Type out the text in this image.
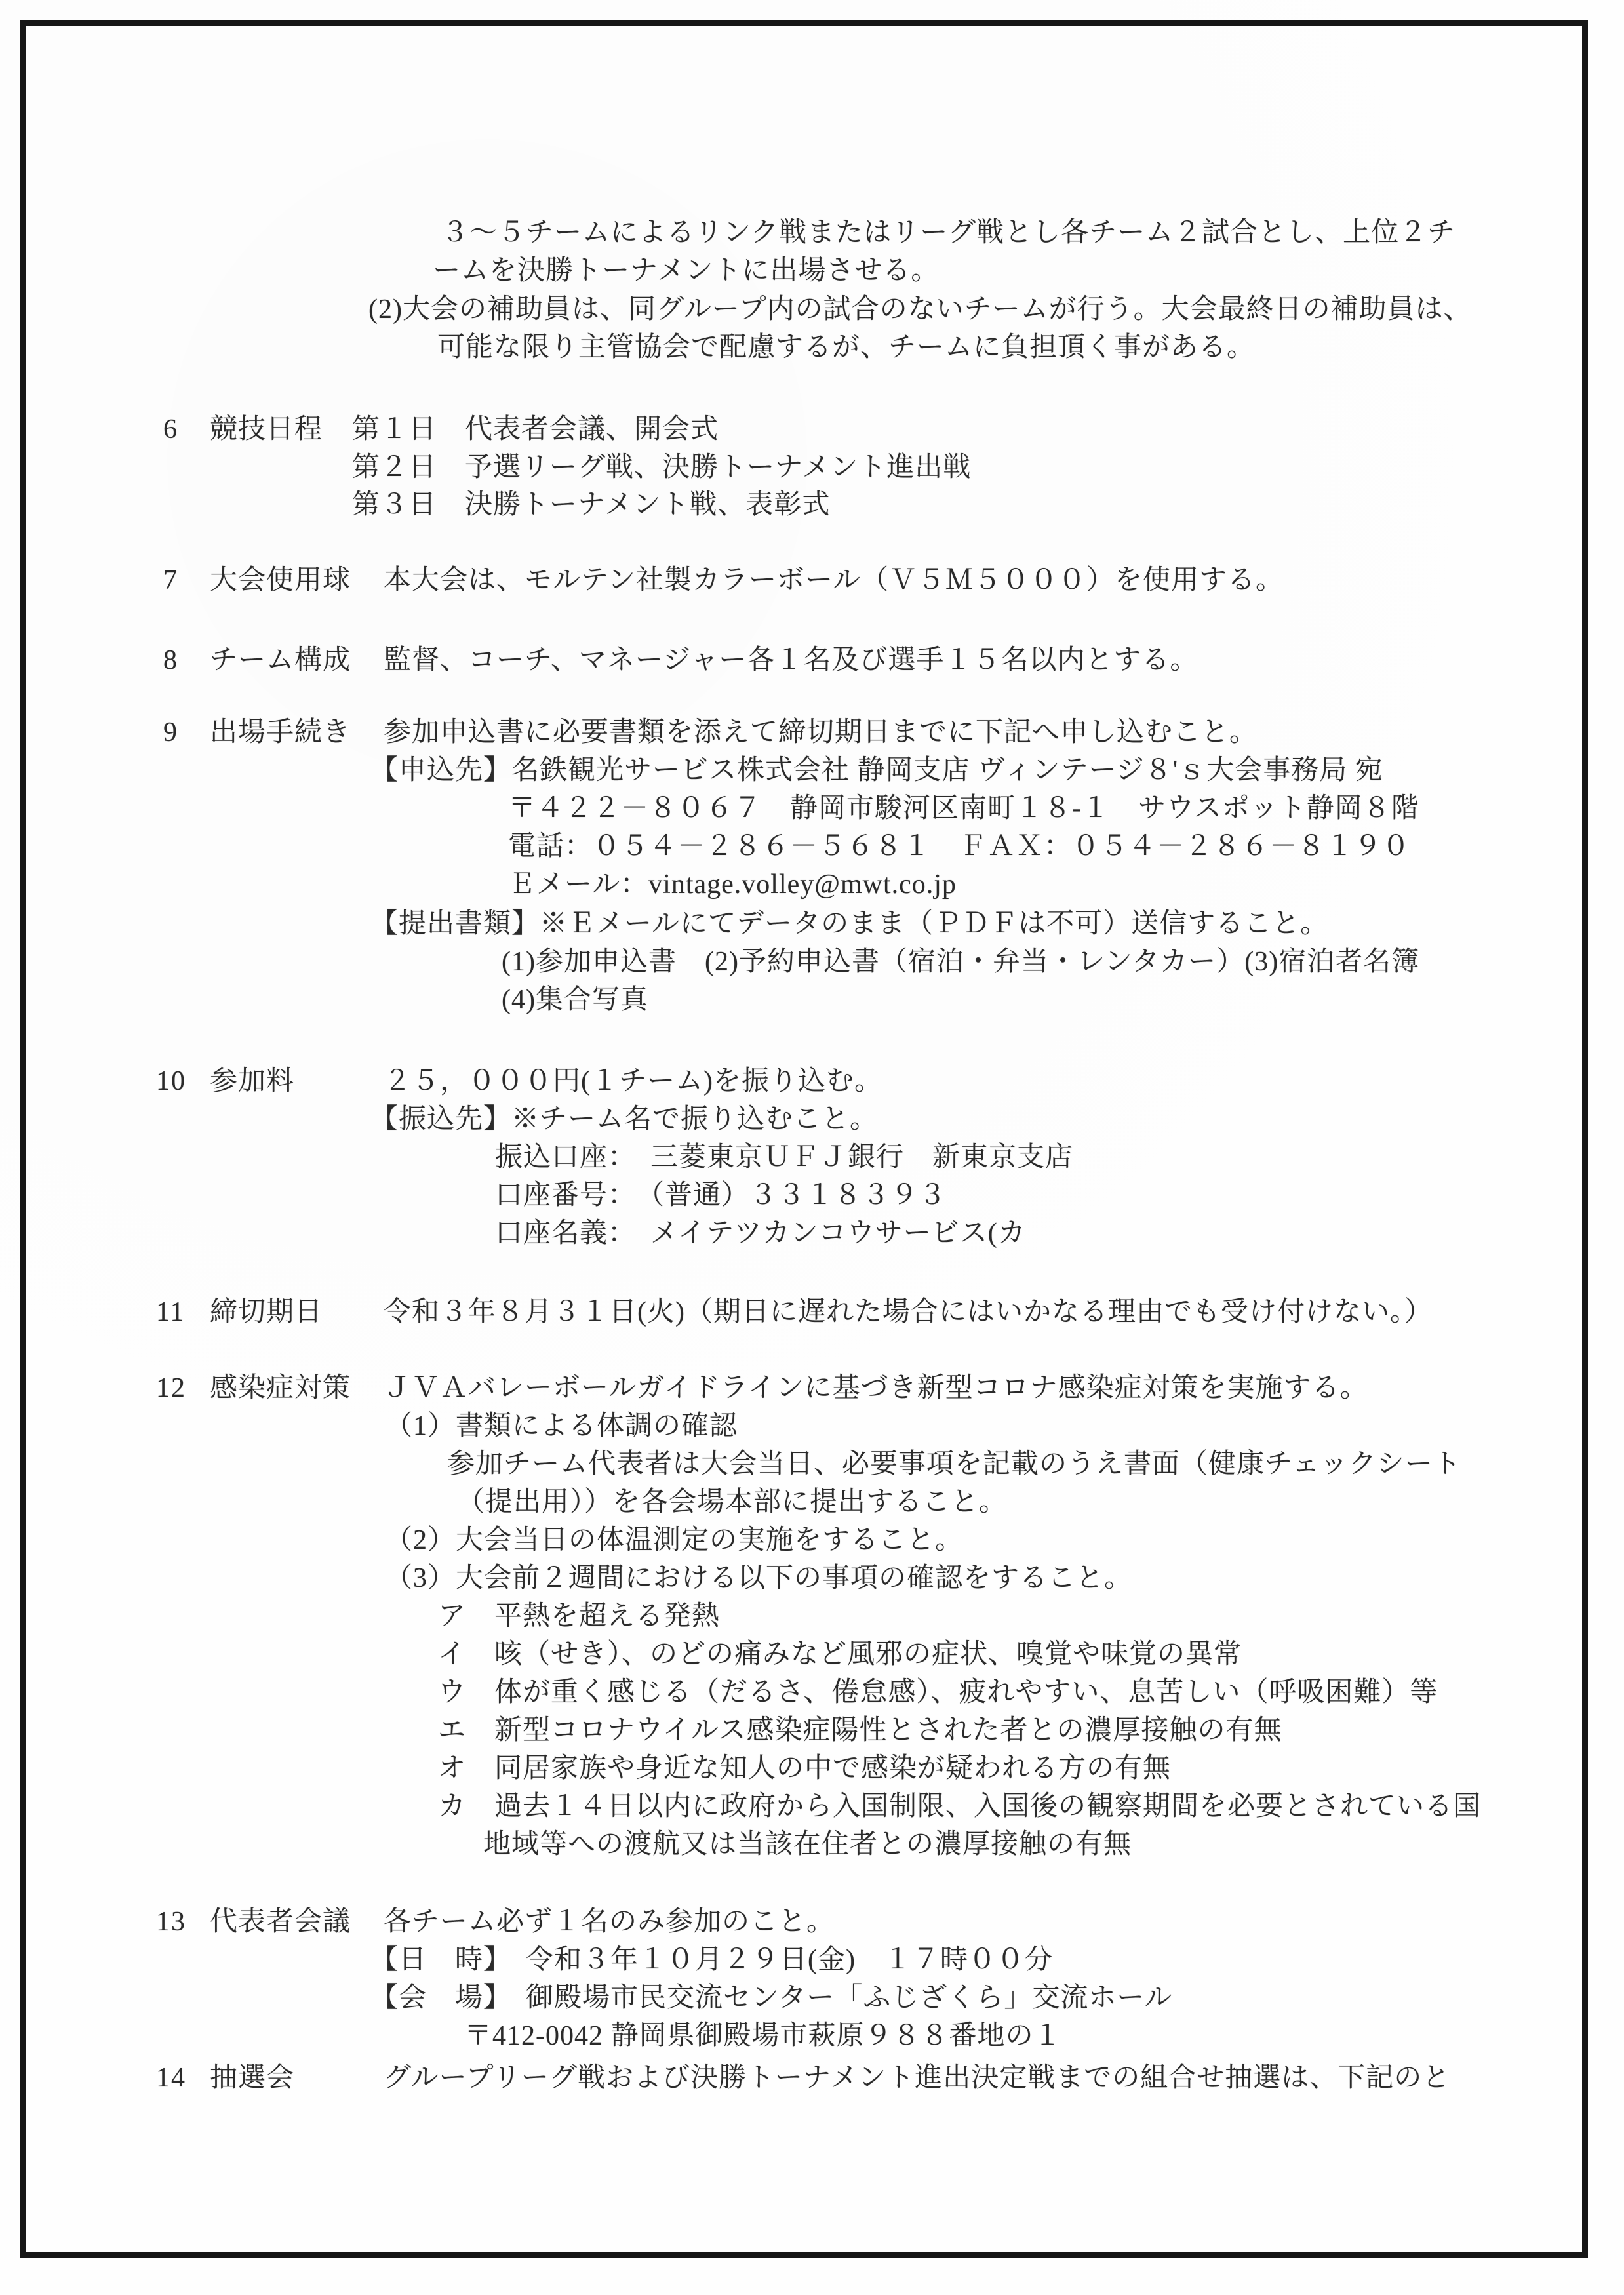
３～５チームによるリンク戦またはリーグ戦とし各チーム２試合とし、上位２チ
ームを決勝トーナメントに出場させる。
(2)大会の補助員は、同グループ内の試合のないチームが行う。大会最終日の補助員は、
可能な限り主管協会で配慮するが、チームに負担頂く事がある。
6 競技日程 第１日　代表者会議、開会式
第２日　予選リーグ戦、決勝トーナメント進出戦
第３日　決勝トーナメント戦、表彰式
7 大会使用球 本大会は、モルテン社製カラーボール（Ｖ５Ｍ５０００）を使用する。
8 チーム構成 監督、コーチ、マネージャー各１名及び選手１５名以内とする。
9 出場手続き 参加申込書に必要書類を添えて締切期日までに下記へ申し込むこと。
【申込先】名鉄観光サービス株式会社 静岡支店 ヴィンテージ８'ｓ大会事務局 宛
〒４２２－８０６７　静岡市駿河区南町１８-１　サウスポット静岡８階
電話：０５４－２８６－５６８１　ＦＡＸ：０５４－２８６－８１９０
Ｅメール：vintage.volley@mwt.co.jp
【提出書類】※Ｅメールにてデータのまま（ＰＤＦは不可）送信すること。
(1)参加申込書　(2)予約申込書（宿泊・弁当・レンタカー）(3)宿泊者名簿
(4)集合写真
10 参加料	２５，０００円(１チーム)を振り込む。
【振込先】※チーム名で振り込むこと。
振込口座：　三菱東京ＵＦＪ銀行　新東京支店
口座番号：　（普通）３３１８３９３
口座名義：　メイテツカンコウサービス(カ
11 締切期日 令和３年８月３１日(火)（期日に遅れた場合にはいかなる理由でも受け付けない。）
12 感染症対策 ＪＶＡバレーボールガイドラインに基づき新型コロナ感染症対策を実施する。
（1）書類による体調の確認
参加チーム代表者は大会当日、必要事項を記載のうえ書面（健康チェックシート
（提出用））を各会場本部に提出すること。
（2）大会当日の体温測定の実施をすること。
（3）大会前２週間における以下の事項の確認をすること。
ア　平熱を超える発熱
イ　咳（せき）、のどの痛みなど風邪の症状、嗅覚や味覚の異常
ウ　体が重く感じる（だるさ、倦怠感）、疲れやすい、息苦しい（呼吸困難）等
エ　新型コロナウイルス感染症陽性とされた者との濃厚接触の有無
オ　同居家族や身近な知人の中で感染が疑われる方の有無
カ　過去１４日以内に政府から入国制限、入国後の観察期間を必要とされている国
地域等への渡航又は当該在住者との濃厚接触の有無
13 代表者会議 各チーム必ず１名のみ参加のこと。
【日　時】　令和３年１０月２９日(金)　１７時００分
【会　場】　御殿場市民交流センター「ふじざくら」交流ホール
〒412-0042 静岡県御殿場市萩原９８８番地の１
14 抽選会	グループリーグ戦および決勝トーナメント進出決定戦までの組合せ抽選は、下記のと
